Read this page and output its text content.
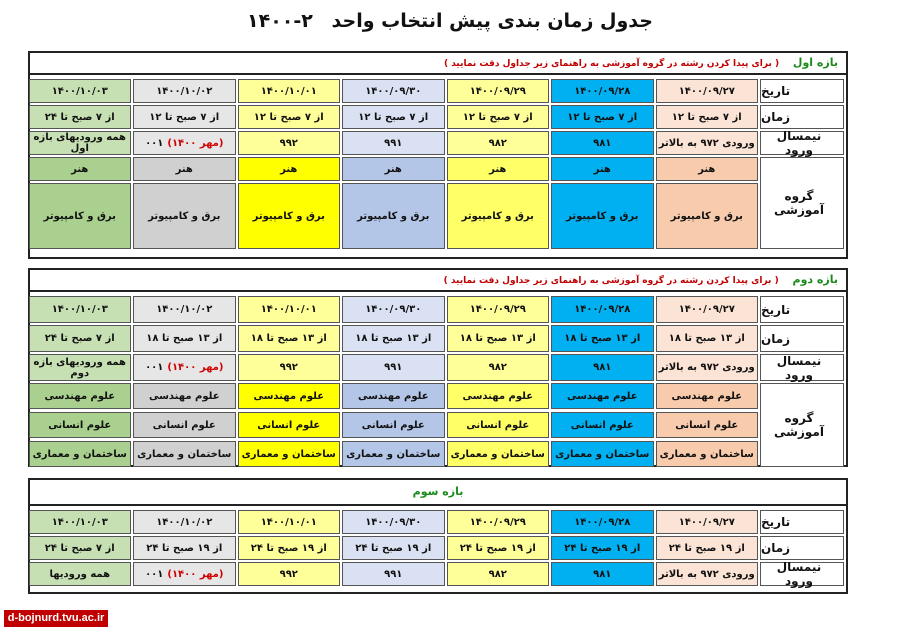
جدول زمان بندی پیش انتخاب واحد ۲-۱۴۰۰
بازه اول ( برای پیدا کردن رشته در گروه آموزشی به راهنمای زیر جداول دقت نمایید )
تاریخ
زمان
نیمسال ورود
۱۴۰۰/۰۹/۲۷
از ۷ صبح تا ۱۲
ورودی ۹۷۲ به بالاتر
۱۴۰۰/۰۹/۲۸
از ۷ صبح تا ۱۲
۹۸۱
۱۴۰۰/۰۹/۲۹
از ۷ صبح تا ۱۲
۹۸۲
۱۴۰۰/۰۹/۳۰
از ۷ صبح تا ۱۲
۹۹۱
۱۴۰۰/۱۰/۰۱
از ۷ صبح تا ۱۲
۹۹۲
۱۴۰۰/۱۰/۰۲
از ۷ صبح تا ۱۲
(مهر ۱۴۰۰)
۰۰۱
۱۴۰۰/۱۰/۰۳
از ۷ صبح تا ۲۴
همه ورودیهای بازه اول
گروه آموزشی
هنر
برق و کامپیوتر
هنر
برق و کامپیوتر
هنر
برق و کامپیوتر
هنر
برق و کامپیوتر
هنر
برق و کامپیوتر
هنر
برق و کامپیوتر
هنر
برق و کامپیوتر
بازه دوم ( برای پیدا کردن رشته در گروه آموزشی به راهنمای زیر جداول دقت نمایید )
تاریخ
زمان
نیمسال ورود
۱۴۰۰/۰۹/۲۷
از ۱۳ صبح تا ۱۸
ورودی ۹۷۲ به بالاتر
۱۴۰۰/۰۹/۲۸
از ۱۳ صبح تا ۱۸
۹۸۱
۱۴۰۰/۰۹/۲۹
از ۱۳ صبح تا ۱۸
۹۸۲
۱۴۰۰/۰۹/۳۰
از ۱۳ صبح تا ۱۸
۹۹۱
۱۴۰۰/۱۰/۰۱
از ۱۳ صبح تا ۱۸
۹۹۲
۱۴۰۰/۱۰/۰۲
از ۱۳ صبح تا ۱۸
(مهر ۱۴۰۰)
۰۰۱
۱۴۰۰/۱۰/۰۳
از ۷ صبح تا ۲۴
همه ورودیهای بازه دوم
گروه آموزشی
علوم مهندسی
علوم انسانی
ساختمان و معماری
علوم مهندسی
علوم انسانی
ساختمان و معماری
علوم مهندسی
علوم انسانی
ساختمان و معماری
علوم مهندسی
علوم انسانی
ساختمان و معماری
علوم مهندسی
علوم انسانی
ساختمان و معماری
علوم مهندسی
علوم انسانی
ساختمان و معماری
علوم مهندسی
علوم انسانی
ساختمان و معماری
بازه سوم
تاریخ
زمان
نیمسال ورود
۱۴۰۰/۰۹/۲۷
از ۱۹ صبح تا ۲۴
ورودی ۹۷۲ به بالاتر
۱۴۰۰/۰۹/۲۸
از ۱۹ صبح تا ۲۴
۹۸۱
۱۴۰۰/۰۹/۲۹
از ۱۹ صبح تا ۲۴
۹۸۲
۱۴۰۰/۰۹/۳۰
از ۱۹ صبح تا ۲۴
۹۹۱
۱۴۰۰/۱۰/۰۱
از ۱۹ صبح تا ۲۴
۹۹۲
۱۴۰۰/۱۰/۰۲
از ۱۹ صبح تا ۲۴
(مهر ۱۴۰۰)
۰۰۱
۱۴۰۰/۱۰/۰۳
از ۷ صبح تا ۲۴
همه ورودیها
d-bojnurd.tvu.ac.ir
